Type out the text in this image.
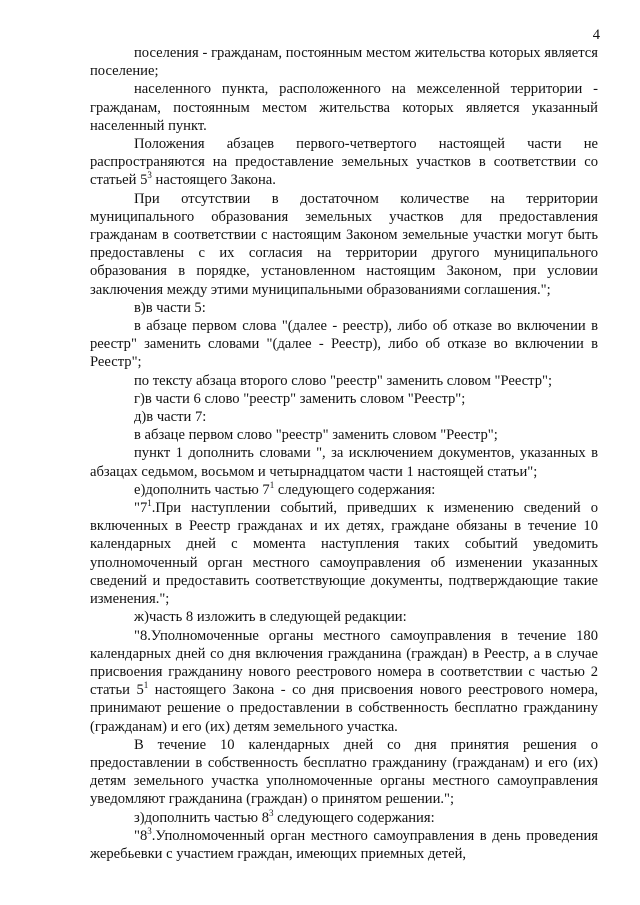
4

поселения - гражданам, постоянным местом жительства которых является поселение;

населенного пункта, расположенного на межселенной территории - гражданам, постоянным местом жительства которых является указанный населенный пункт.

Положения абзацев первого-четвертого настоящей части не распространяются на предоставление земельных участков в соответствии со статьей $5^3$ настоящего Закона.

При отсутствии в достаточном количестве на территории муниципального образования земельных участков для предоставления гражданам в соответствии с настоящим Законом земельные участки могут быть предоставлены с их согласия на территории другого муниципального образования в порядке, установленном настоящим Законом, при условии заключения между этими муниципальными образованиями соглашения.";

в)в части 5:

в абзаце первом слова "(далее - реестр), либо об отказе во включении в реестр" заменить словами "(далее - Реестр), либо об отказе во включении в Реестр";

по тексту абзаца второго слово "реестр" заменить словом "Реестр";

г)в части 6 слово "реестр" заменить словом "Реестр";

д)в части 7:

в абзаце первом слово "реестр" заменить словом "Реестр";

пункт 1 дополнить словами ", за исключением документов, указанных в абзацах седьмом, восьмом и четырнадцатом части 1 настоящей статьи";

е)дополнить частью $7^1$ следующего содержания:

"$7^1.При$ наступлении событий, приведших к изменению сведений о включенных в Реестр гражданах и их детях, граждане обязаны в течение 10 календарных дней с момента наступления таких событий уведомить уполномоченный орган местного самоуправления об изменении указанных сведений и предоставить соответствующие документы, подтверждающие такие изменения.";

ж)часть 8 изложить в следующей редакции:

"8.Уполномоченные органы местного самоуправления в течение 180 календарных дней со дня включения гражданина (граждан) в Реестр, а в случае присвоения гражданину нового реестрового номера в соответствии с частью 2 статьи $5^1$ настоящего Закона - со дня присвоения нового реестрового номера, принимают решение о предоставлении в собственность бесплатно гражданину (гражданам) и его (их) детям земельного участка.

В течение 10 календарных дней со дня принятия решения о предоставлении в собственность бесплатно гражданину (гражданам) и его (их) детям земельного участка уполномоченные органы местного самоуправления уведомляют гражданина (граждан) о принятом решении.";

з)дополнить частью $8^3$ следующего содержания:

"$8^3.Уполномоченный$ орган местного самоуправления в день проведения жеребьевки с участием граждан, имеющих приемных детей,
